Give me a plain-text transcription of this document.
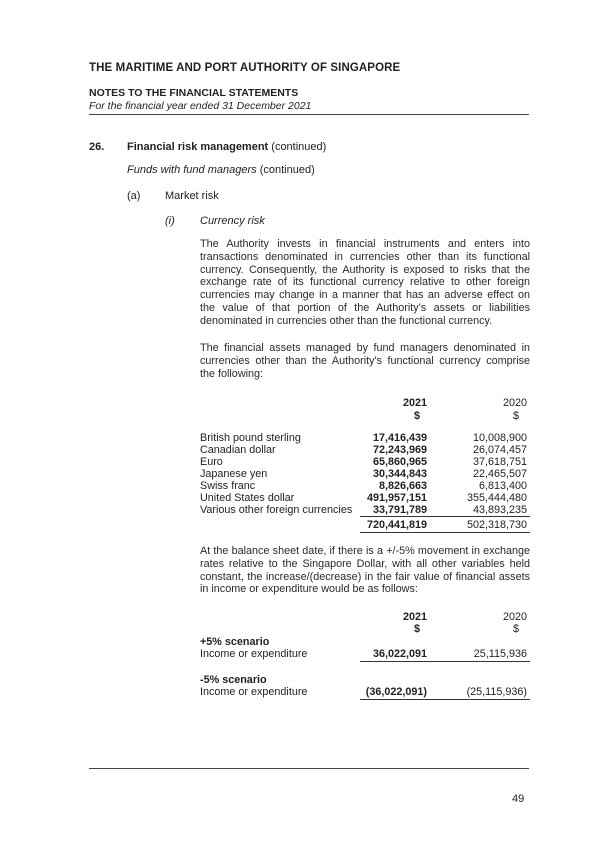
THE MARITIME AND PORT AUTHORITY OF SINGAPORE
NOTES TO THE FINANCIAL STATEMENTS
For the financial year ended 31 December 2021
26. Financial risk management (continued)
Funds with fund managers (continued)
(a) Market risk
(i) Currency risk
The Authority invests in financial instruments and enters into transactions denominated in currencies other than its functional currency. Consequently, the Authority is exposed to risks that the exchange rate of its functional currency relative to other foreign currencies may change in a manner that has an adverse effect on the value of that portion of the Authority's assets or liabilities denominated in currencies other than the functional currency.
The financial assets managed by fund managers denominated in currencies other than the Authority's functional currency comprise the following:
2021	2020
$	$
British pound sterling	17,416,439	10,008,900
Canadian dollar	72,243,969	26,074,457
Euro	65,860,965	37,618,751
Japanese yen	30,344,843	22,465,507
Swiss franc	8,826,663	6,813,400
United States dollar	491,957,151	355,444,480
Various other foreign currencies 33,791,789	43,893,235
720,441,819	502,318,730
At the balance sheet date, if there is a +/-5% movement in exchange rates relative to the Singapore Dollar, with all other variables held constant, the increase/(decrease) in the fair value of financial assets in income or expenditure would be as follows:
2021	2020
$	$
+5% scenario
Income or expenditure	36,022,091	25,115,936
-5% scenario
Income or expenditure	(36,022,091)	(25,115,936)
49
